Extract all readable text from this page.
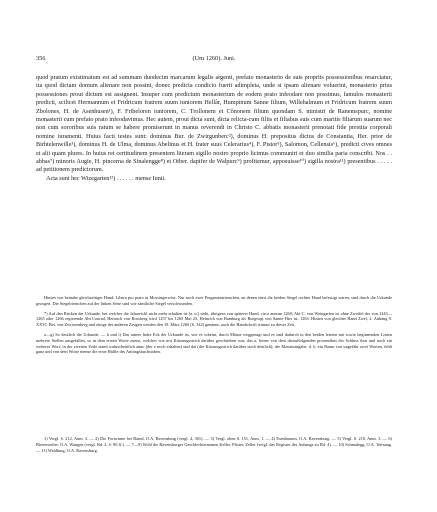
356	(Um 1260). Juni.

quod pratum existimatum est ad summam duodecim marcarum legalis argenti, prefato monasterio de suis propriis possessionibus resarciatur, ita quod dictam domum alienare non possint, donec predicta condicio fuerit adimpleta, unde si ipsam alienare voluerint, monasterio prius possessiones prout dictum est assignent. Insuper cum predictum monasterium de eodem prato infeodare non possimus, famulos monasterii predicti, scilicet Hermannum et Fridricum fratrem suum iuniorem Hellâr, Humpinum Sanne filium, Willehalmum et Fridricum fratrem suum Zbolones, H. de Asenhusen¹), F. Fribeloren iuniorem, C. Trollonem et Cônonem filium quondam S. ministri de Ranemspurc, nomine monasterii cum prefato prato infeodavimus. Hec autem, prout dicta sunt, dicta relicta-cum filiis et filiabus suis cum maritis filiarum suarum nec non cum sororibus suis ratum se habere promiserunt in manus reverendi in Christo C. abbatis monasterii prenotati fide prestita corporali nomine iuramenti. Huius facti testes sunt: dominus Bur. de Zwirgunberc²), dominus H. prepositus dictus de Constantia, Her. prior de Birhtelenwille³), dominus H. de Ulma, dominus Abelinus et H. frater suus Celerarius⁴), F. Pistor⁵), Salomon, Cellensis⁶), predicti cives omnes et alii quam plures. In huius rei certitudinem presentem literam sigillo nostro proprio licimus communiri et duo similia paria conscribi. Nos . . abbas⁷) minoris Augie, H. pincerna de Sinalengge⁸) et Otber. dapifer de Walpurc⁹) profitemur, apposuisse¹⁰) sigilla nostra¹¹) presentibus . . . . . ad petitionem predictorum.

Acta sunt hec Wizegarten¹²) . . . . . . mense Iunii.

Hinten von beinahe gleichzeitiger Hand: Libera pro prato in Mossingerwise. Nur noch zwei Pergamentriemchen, an denen einst die beiden Siegel rechter Hand befestigt waren, sind durch die Urkunde gezogen. Die Siegelriemchen auf der linken Seite sind wie sämtliche Siegel verschwunden.

*) Auf den Rücken der Urkunde, bei welcher die Jahrzeichl nicht mehr erhalten ist (a. u.) steht, übrigens von späterer Hand, circa annum 1260; Abt C. von Weingarten ist ohne Zweifel der von 1243—1265 oder 1266 regierende Abt Conrad, Heinrich von Rossberg wird 1257 bis 1265 Mai 23, Heinrich von Bamburg als Burgvogt von Sanne Hirs ist, 1263. Hinten von gleicher Hand Zwei, 2. Anhang 9. XXVI. Bet. von Zwiirzenberg und einige der anderen Zeugen werden den 19. März 1260 (S. 342) genannt, auch die Handschrift stimmt zu dieser Zeit.

a—g) So deutlich die Urkunde. — h und i) Das untere linke Eck der Urkunde ist, wie es scheint, durch Mäuse weggenagt und es sind dadurch in den beiden letzten mit sowie beginnenden Linien mehrere Stellen ausgefallen, so in dem ersten Worte zuerst, welches wie mit Kürzungsstrich darüber geschrieben war, das a, ferner von dem darauffolgenden prosentibus der Schluss ibus und noch ein weiteres Wort; in der zweiten Zeile stand wahrscheinlich anno (der e noch erhalten) und dai (der Kürzungsstrich darüber noch deutlich); die Monatsangabe, d. h. ein Raum von ungefähr zwei Worten, fehlt ganz und von dem Worte mense die erste Hälfte des Anfangsbuchstaben.

1) Vergl. S. 212, Anm. 3. — 2) Die Fortwinne bei Baind, O.A. Ravensburg (vergl. 4, 301). — 3) Vergl. oben S. 151, Anm. 1. — 4) Esenhausen, O.A. Ravensburg. — 5) Vergl. S. 210, Anm. 3. — 6) Bietenweiler, O.A. Wangen (vergl. Bd. 2, S. 86 ff.). — 7—9) Wohl die Ravensburger Geschlechternamen Keller, Pfister, Zeller (vergl. das Register des Anhangs zu Bd. 4). — 10) Schmalegg, O.A. Tettnang. — 11) Waldburg, O.A. Ravensburg.
